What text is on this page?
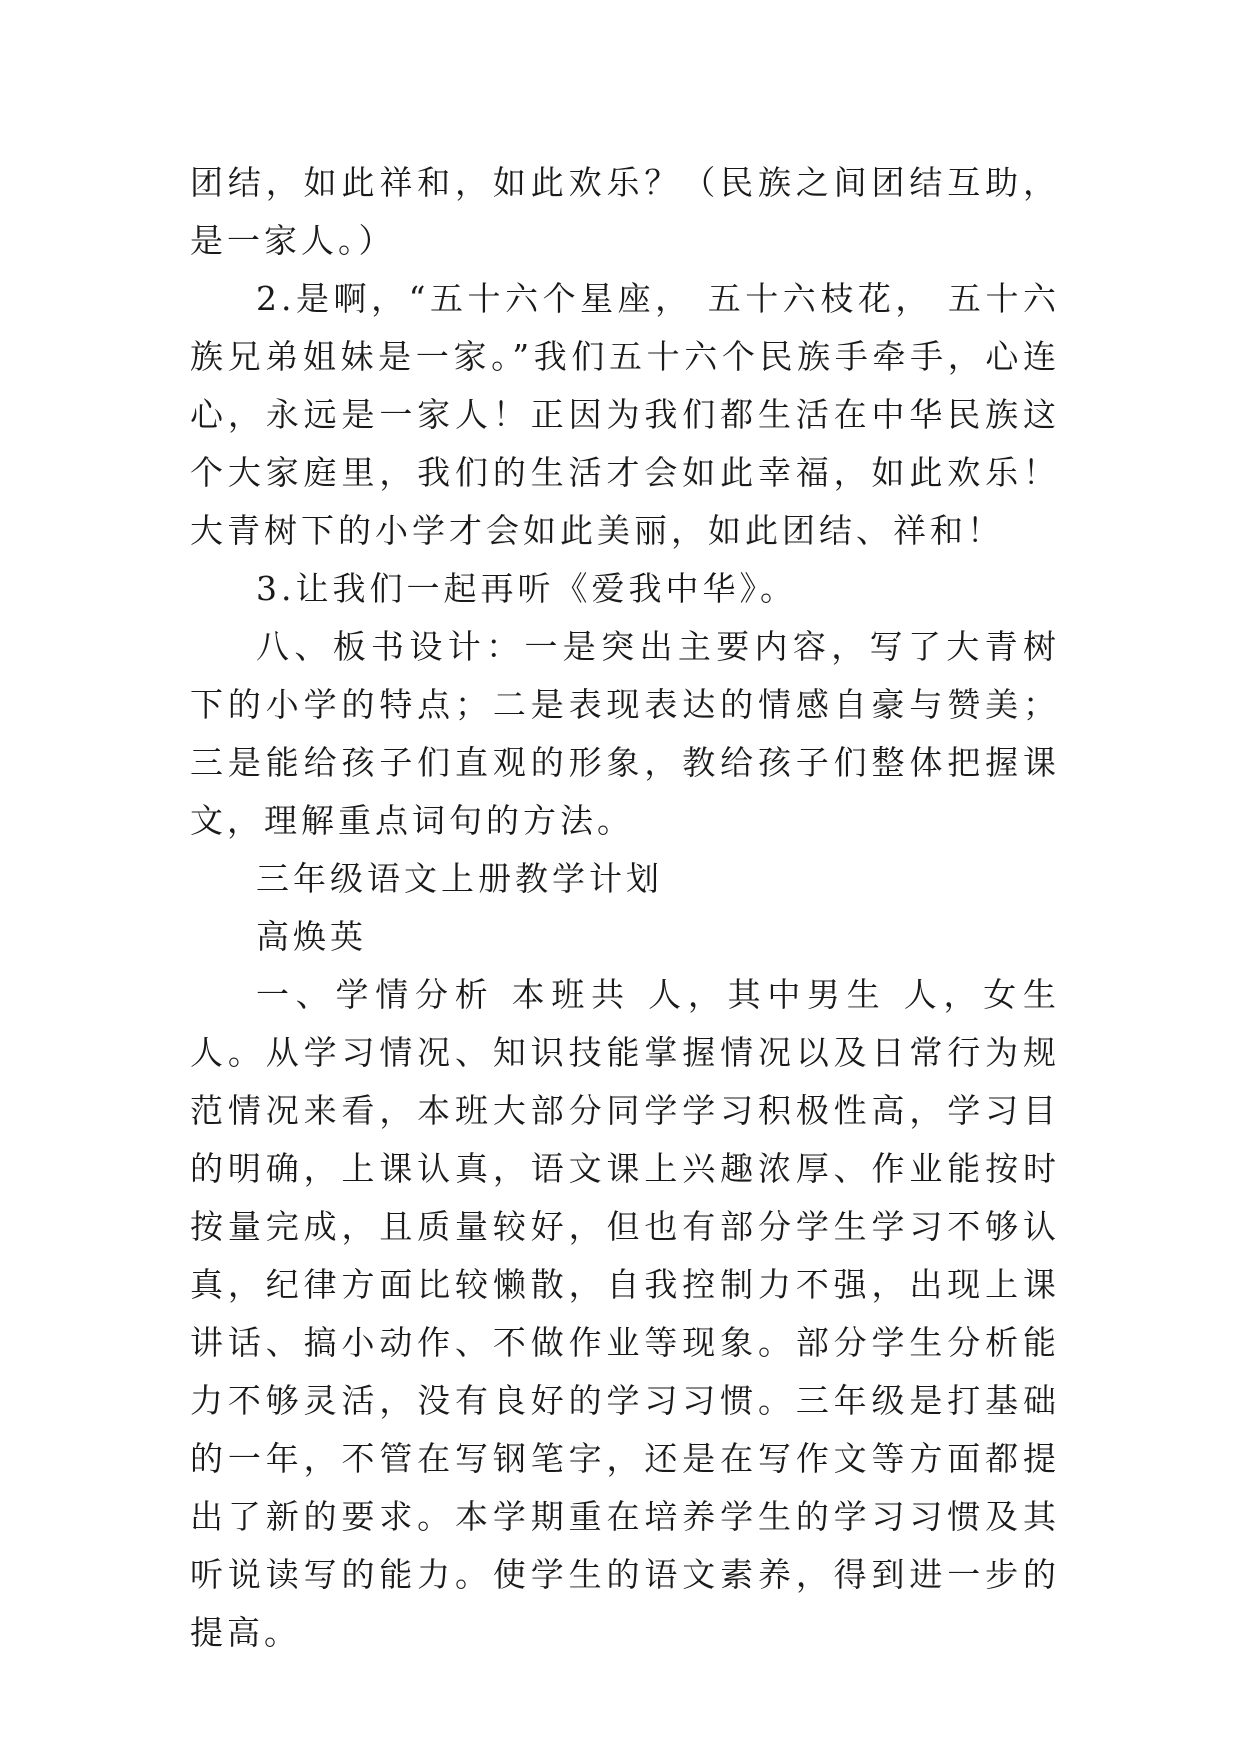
团结，如此祥和，如此欢乐？（民族之间团结互助，是一家人。）

2.是啊，“五十六个星座， 五十六枝花， 五十六族兄弟姐妹是一家。”我们五十六个民族手牵手，心连心，永远是一家人！正因为我们都生活在中华民族这个大家庭里，我们的生活才会如此幸福，如此欢乐！大青树下的小学才会如此美丽，如此团结、祥和！

3.让我们一起再听《爱我中华》。

八、板书设计：一是突出主要内容，写了大青树下的小学的特点；二是表现表达的情感自豪与赞美；三是能给孩子们直观的形象，教给孩子们整体把握课文，理解重点词句的方法。

三年级语文上册教学计划

高焕英

一、学情分析 本班共 人，其中男生 人，女生 人。从学习情况、知识技能掌握情况以及日常行为规范情况来看，本班大部分同学学习积极性高，学习目的明确，上课认真，语文课上兴趣浓厚、作业能按时按量完成，且质量较好，但也有部分学生学习不够认真，纪律方面比较懒散，自我控制力不强，出现上课讲话、搞小动作、不做作业等现象。部分学生分析能力不够灵活，没有良好的学习习惯。三年级是打基础的一年，不管在写钢笔字，还是在写作文等方面都提出了新的要求。本学期重在培养学生的学习习惯及其听说读写的能力。使学生的语文素养，得到进一步的提高。
